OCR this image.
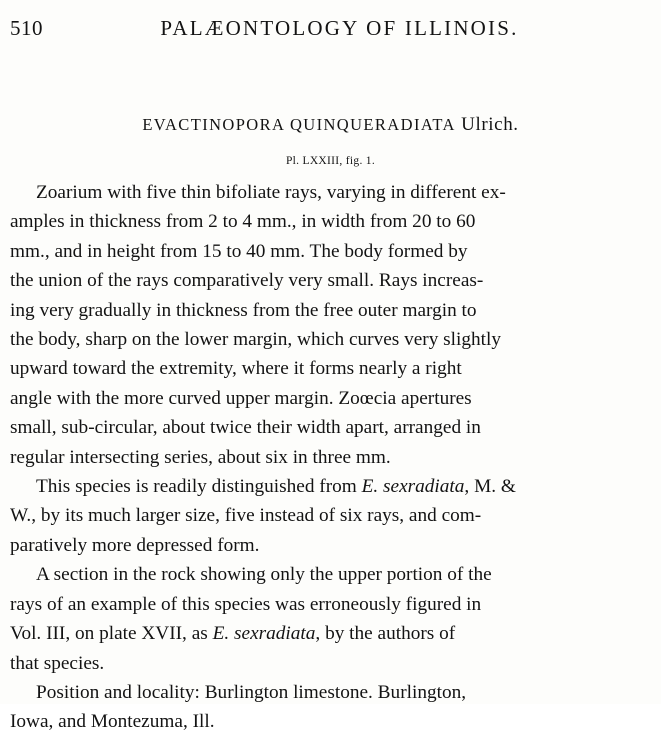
510	PALÆONTOLOGY OF ILLINOIS.
EVACTINOPORA QUINQUERADIATA Ulrich.
Pl. LXXIII, fig. 1.

Zoarium with five thin bifoliate rays, varying in different ex-
amples in thickness from 2 to 4 mm., in width from 20 to 60
mm., and in height from 15 to 40 mm. The body formed by
the union of the rays comparatively very small. Rays increas-
ing very gradually in thickness from the free outer margin to
the body, sharp on the lower margin, which curves very slightly
upward toward the extremity, where it forms nearly a right
angle with the more curved upper margin. Zoœcia apertures
small, sub-circular, about twice their width apart, arranged in
regular intersecting series, about six in three mm.

This species is readily distinguished from E. sexradiata, M. &
W., by its much larger size, five instead of six rays, and com-
paratively more depressed form.

A section in the rock showing only the upper portion of the
rays of an example of this species was erroneously figured in
Vol. III, on plate XVII, as E. sexradiata, by the authors of
that species.

Position and locality: Burlington limestone. Burlington,
Iowa, and Montezuma, Ill.
